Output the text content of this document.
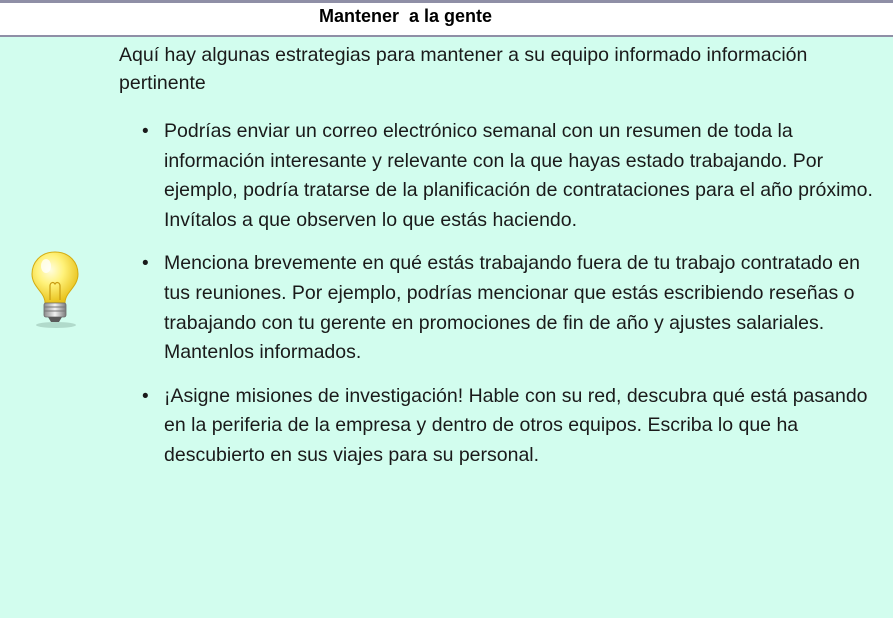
Mantener  a la gente

Aquí hay algunas estrategias para mantener a su equipo informado información pertinente

• Podrías enviar un correo electrónico semanal con un resumen de toda la información interesante y relevante con la que hayas estado trabajando. Por ejemplo, podría tratarse de la planificación de contrataciones para el año próximo. Invítalos a que observen lo que estás haciendo.
• Menciona brevemente en qué estás trabajando fuera de tu trabajo contratado en tus reuniones. Por ejemplo, podrías mencionar que estás escribiendo reseñas o trabajando con tu gerente en promociones de fin de año y ajustes salariales. Mantenlos informados.
• ¡Asigne misiones de investigación! Hable con su red, descubra qué está pasando en la periferia de la empresa y dentro de otros equipos. Escriba lo que ha descubierto en sus viajes para su personal.
